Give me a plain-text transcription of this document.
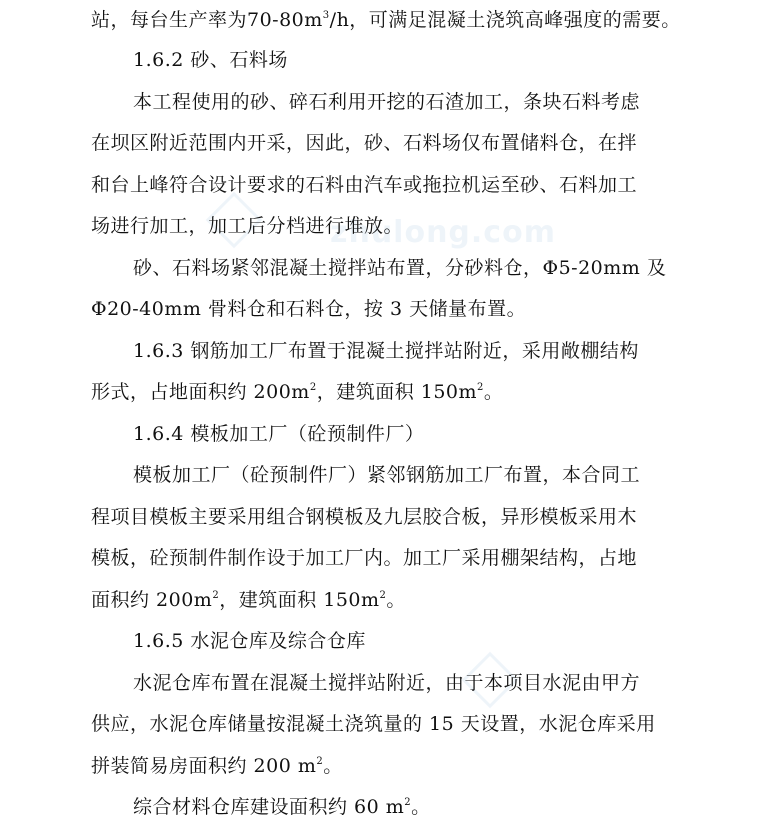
zhulong.com
站，每台生产率为$70-80m^3/h$，可满足混凝土浇筑高峰强度的需要。
1.6.2 砂、石料场
本工程使用的砂、碎石利用开挖的石渣加工，条块石料考虑
在坝区附近范围内开采，因此，砂、石料场仅布置储料仓，在拌
和台上峰符合设计要求的石料由汽车或拖拉机运至砂、石料加工
场进行加工，加工后分档进行堆放。
砂、石料场紧邻混凝土搅拌站布置，分砂料仓，Φ5-20mm 及
Φ20-40mm 骨料仓和石料仓，按 3 天储量布置。
1.6.3 钢筋加工厂布置于混凝土搅拌站附近，采用敞棚结构
形式，占地面积约 $200m^2$，建筑面积 $150m^2$。
1.6.4 模板加工厂（砼预制件厂）
模板加工厂（砼预制件厂）紧邻钢筋加工厂布置，本合同工
程项目模板主要采用组合钢模板及九层胶合板，异形模板采用木
模板，砼预制件制作设于加工厂内。加工厂采用棚架结构，占地
面积约 $200m^2$，建筑面积 $150m^2$。
1.6.5 水泥仓库及综合仓库
水泥仓库布置在混凝土搅拌站附近，由于本项目水泥由甲方
供应，水泥仓库储量按混凝土浇筑量的 15 天设置，水泥仓库采用
拼装简易房面积约 200 $m^2$。
综合材料仓库建设面积约 60 $m^2$。
